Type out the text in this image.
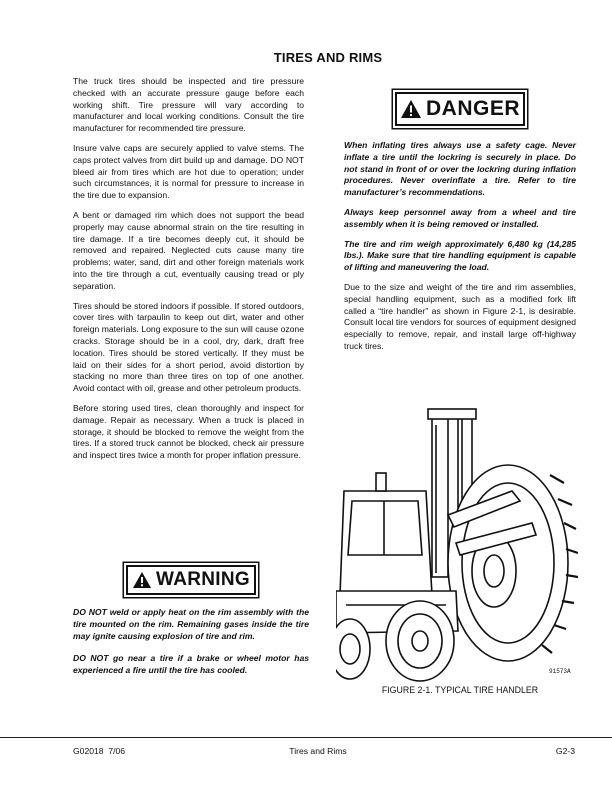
TIRES AND RIMS

The truck tires should be inspected and tire pressure checked with an accurate pressure gauge before each working shift. Tire pressure will vary according to manufacturer and local working conditions. Consult the tire manufacturer for recommended tire pressure.

Insure valve caps are securely applied to valve stems. The caps protect valves from dirt build up and damage. DO NOT bleed air from tires which are hot due to operation; under such circumstances, it is normal for pressure to increase in the tire due to expansion.

A bent or damaged rim which does not support the bead properly may cause abnormal strain on the tire resulting in tire damage. If a tire becomes deeply cut, it should be removed and repaired. Neglected cuts cause many tire problems; water, sand, dirt and other foreign materials work into the tire through a cut, eventually causing tread or ply separation.

Tires should be stored indoors if possible. If stored outdoors, cover tires with tarpaulin to keep out dirt, water and other foreign materials. Long exposure to the sun will cause ozone cracks. Storage should be in a cool, dry, dark, draft free location. Tires should be stored vertically. If they must be laid on their sides for a short period, avoid distortion by stacking no more than three tires on top of one another. Avoid contact with oil, grease and other petroleum products.

Before storing used tires, clean thoroughly and inspect for damage. Repair as necessary. When a truck is placed in storage, it should be blocked to remove the weight from the tires. If a stored truck cannot be blocked, check air pressure and inspect tires twice a month for proper inflation pressure.

WARNING

DO NOT weld or apply heat on the rim assembly with the tire mounted on the rim. Remaining gases inside the tire may ignite causing explosion of tire and rim.

DO NOT go near a tire if a brake or wheel motor has experienced a fire until the tire has cooled.

DANGER

When inflating tires always use a safety cage. Never inflate a tire until the lockring is securely in place. Do not stand in front of or over the lockring during inflation procedures. Never overinflate a tire. Refer to tire manufacturer’s recommendations.

Always keep personnel away from a wheel and tire assembly when it is being removed or installed.

The tire and rim weigh approximately 6,480 kg (14,285 lbs.). Make sure that tire handling equipment is capable of lifting and maneuvering the load.

Due to the size and weight of the tire and rim assemblies, special handling equipment, such as a modified fork lift called a “tire handler” as shown in Figure 2-1, is desirable. Consult local tire vendors for sources of equipment designed especially to remove, repair, and install large off-highway truck tires.

91573A
FIGURE 2-1. TYPICAL TIRE HANDLER
G02018  7/06	Tires and Rims	G2-3
